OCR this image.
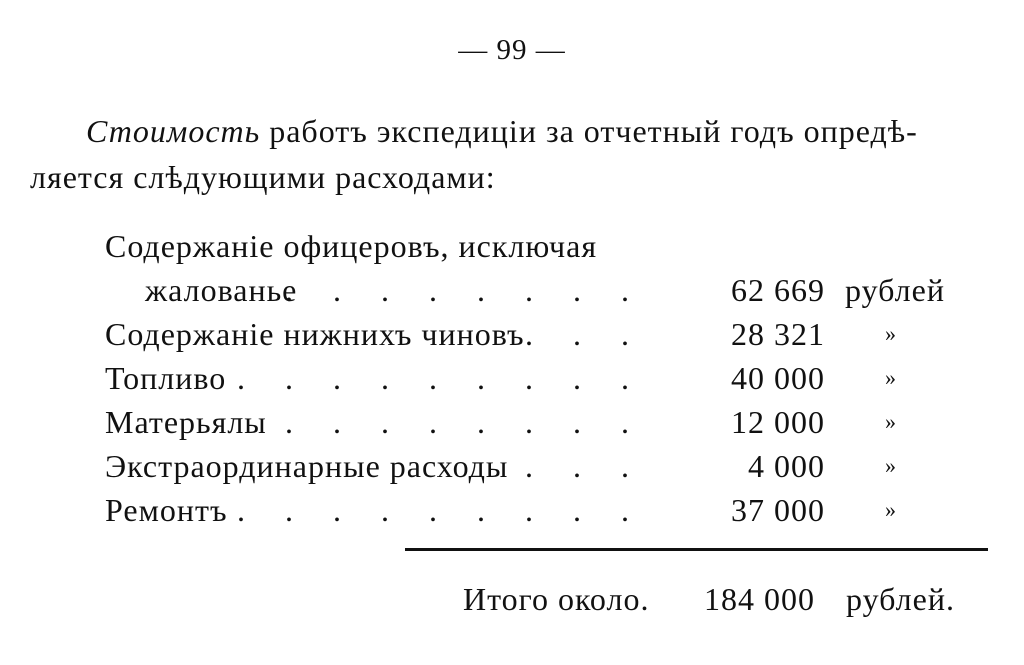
— 99 —
Стоимость работъ экспедиціи за отчетный годъ опредѣ-
ляется слѣдующими расходами:
Содержаніе офицеровъ, исключая
жалованье
. . . . . . . .	62 669 рублей
Содержаніе нижнихъ чиновъ . . .	28 321	»
Топливо . . . . . . . . .	40 000	»
Матерьялы . . . . . . . .	12 000	»
Экстраординарные расходы . . .	4 000	»
Ремонтъ . . . . . . . . .	37 000	»
Итого около. 184 000 рублей.
